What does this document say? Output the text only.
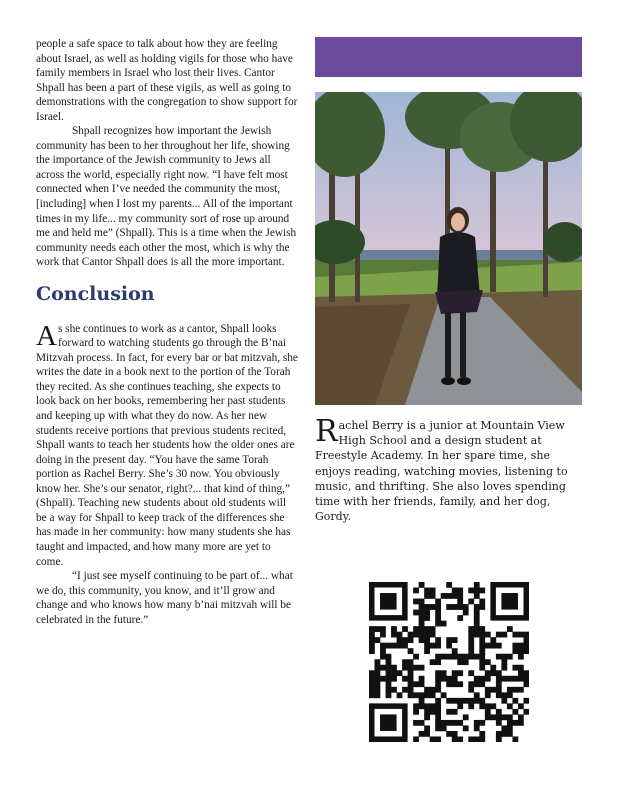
people a safe space to talk about how they are feeling about Israel, as well as holding vigils for those who have family members in Israel who lost their lives. Cantor Shpall has been a part of these vigils, as well as going to demonstrations with the congregation to show support for Israel.

Shpall recognizes how important the Jewish community has been to her throughout her life, showing the importance of the Jewish community to Jews all across the world, especially right now. “I have felt most connected when I’ve needed the community the most, [including] when I lost my parents... All of the important times in my life... my community sort of rose up around me and held me” (Shpall). This is a time when the Jewish community needs each other the most, which is why the work that Cantor Shpall does is all the more important.

Conclusion

As she continues to work as a cantor, Shpall looks forward to watching students go through the B’nai Mitzvah process. In fact, for every bar or bat mitzvah, she writes the date in a book next to the portion of the Torah they recited. As she continues teaching, she expects to look back on her books, remembering her past students and keeping up with what they do now. As her new students receive portions that previous students recited, Shpall wants to teach her students how the older ones are doing in the present day. “You have the same Torah portion as Rachel Berry. She’s 30 now. You obviously know her. She’s our senator, right?... that kind of thing,” (Shpall). Teaching new students about old students will be a way for Shpall to keep track of the differences she has made in her community: how many students she has taught and impacted, and how many more are yet to come.

“I just see myself continuing to be part of... what we do, this community, you know, and it’ll grow and change and who knows how many b’nai mitzvah will be celebrated in the future.”

Rachel Berry is a junior at Mountain View High School and a design student at Freestyle Academy. In her spare time, she enjoys reading, watching movies, listening to music, and thrifting. She also loves spending time with her friends, family, and her dog, Gordy.
